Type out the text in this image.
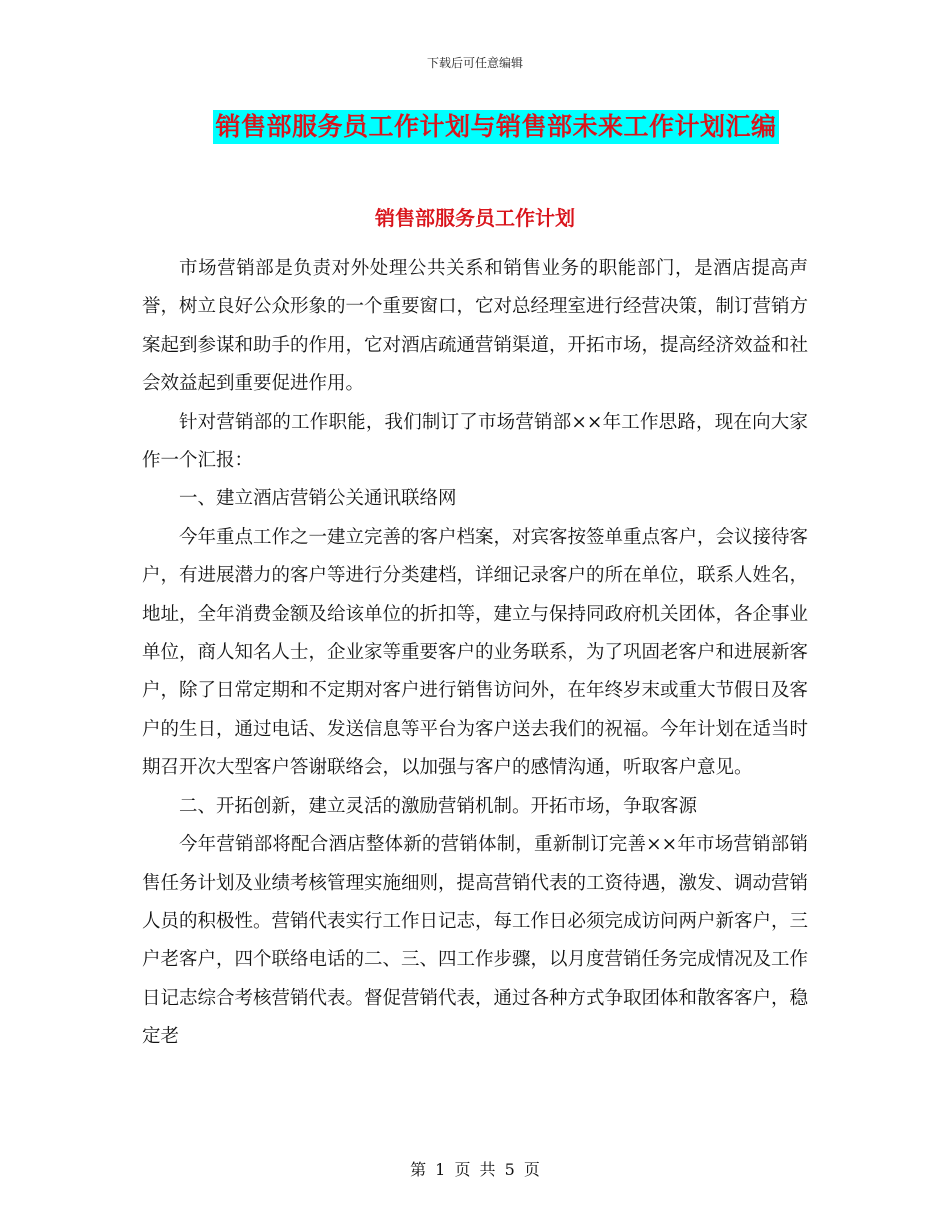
下载后可任意编辑
销售部服务员工作计划与销售部未来工作计划汇编
销售部服务员工作计划

市场营销部是负责对外处理公共关系和销售业务的职能部门，是酒店提高声誉，树立良好公众形象的一个重要窗口，它对总经理室进行经营决策，制订营销方案起到参谋和助手的作用，它对酒店疏通营销渠道，开拓市场，提高经济效益和社会效益起到重要促进作用。

针对营销部的工作职能，我们制订了市场营销部××年工作思路，现在向大家作一个汇报：

一、建立酒店营销公关通讯联络网

今年重点工作之一建立完善的客户档案，对宾客按签单重点客户，会议接待客户，有进展潜力的客户等进行分类建档，详细记录客户的所在单位，联系人姓名，地址，全年消费金额及给该单位的折扣等，建立与保持同政府机关团体，各企事业单位，商人知名人士，企业家等重要客户的业务联系，为了巩固老客户和进展新客户，除了日常定期和不定期对客户进行销售访问外，在年终岁末或重大节假日及客户的生日，通过电话、发送信息等平台为客户送去我们的祝福。今年计划在适当时期召开次大型客户答谢联络会，以加强与客户的感情沟通，听取客户意见。

二、开拓创新，建立灵活的激励营销机制。开拓市场，争取客源

今年营销部将配合酒店整体新的营销体制，重新制订完善××年市场营销部销售任务计划及业绩考核管理实施细则，提高营销代表的工资待遇，激发、调动营销人员的积极性。营销代表实行工作日记志，每工作日必须完成访问两户新客户，三户老客户，四个联络电话的二、三、四工作步骤，以月度营销任务完成情况及工作日记志综合考核营销代表。督促营销代表，通过各种方式争取团体和散客客户，稳定老

第 1 页 共 5 页
